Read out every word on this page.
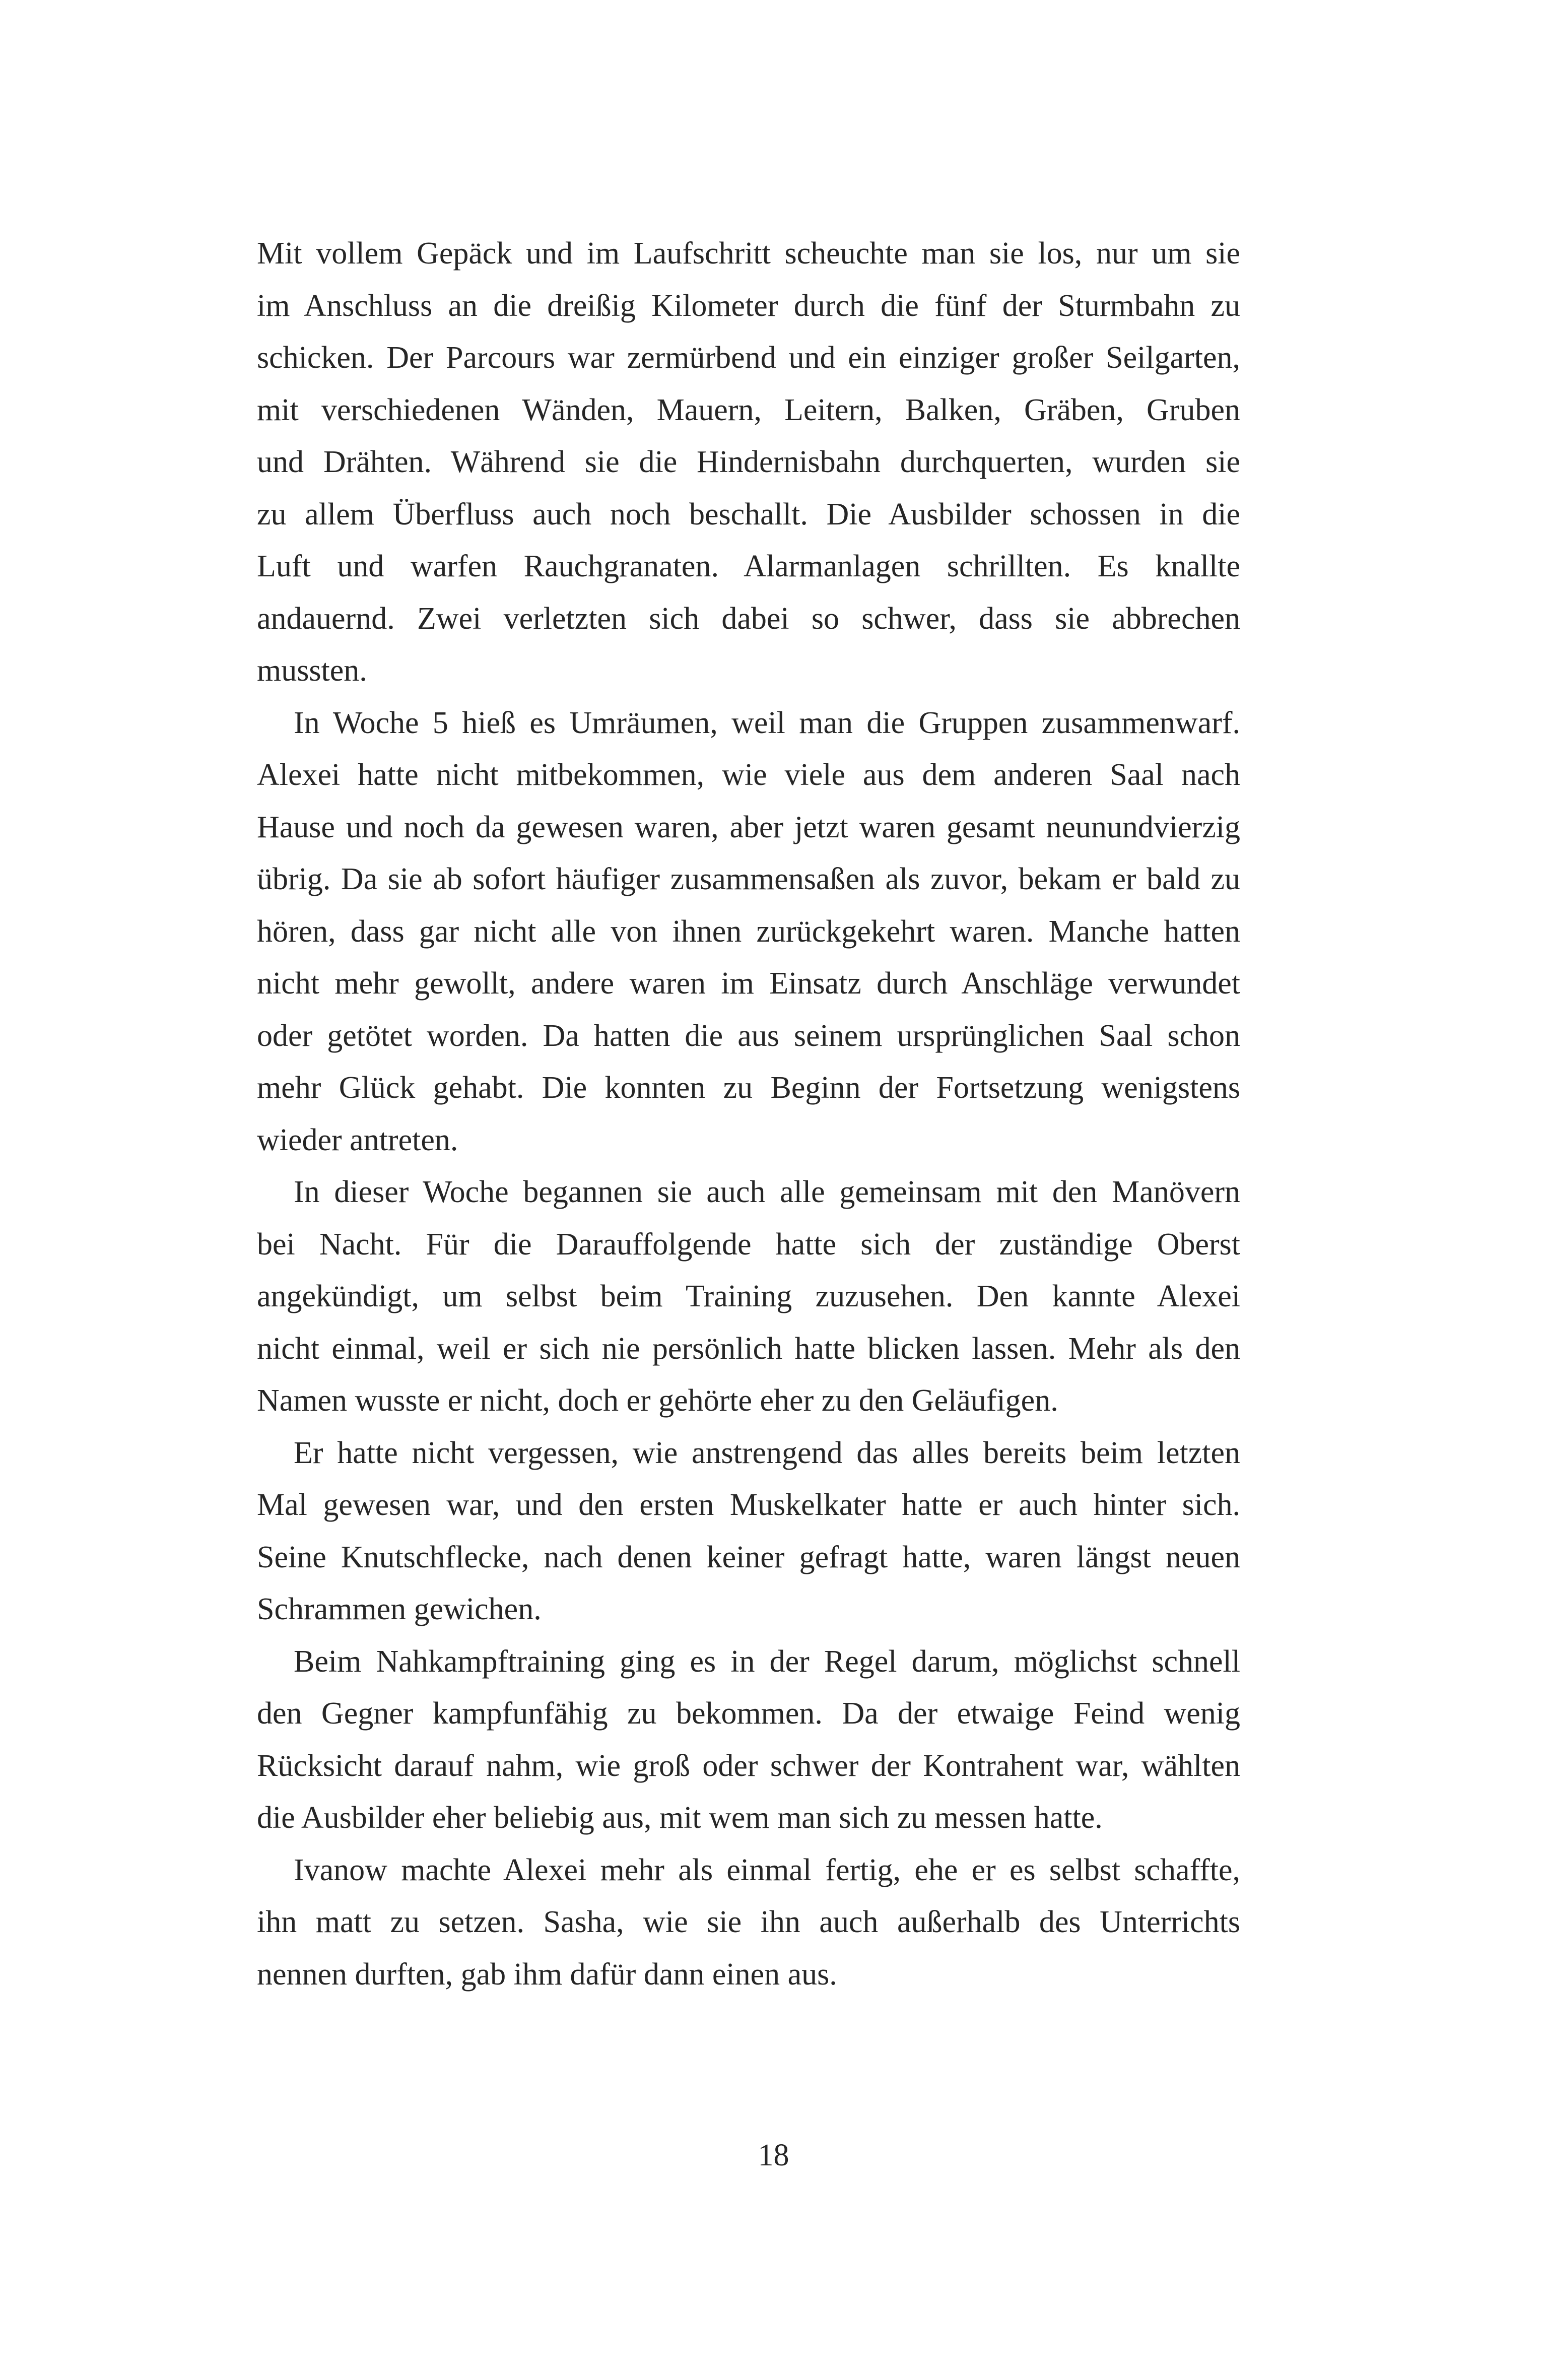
Mit vollem Gepäck und im Laufschritt scheuchte man sie los, nur um sie
im Anschluss an die dreißig Kilometer durch die fünf der Sturmbahn zu
schicken. Der Parcours war zermürbend und ein einziger großer Seilgarten,
mit verschiedenen Wänden, Mauern, Leitern, Balken, Gräben, Gruben
und Drähten. Während sie die Hindernisbahn durchquerten, wurden sie
zu allem Überfluss auch noch beschallt. Die Ausbilder schossen in die
Luft und warfen Rauchgranaten. Alarmanlagen schrillten. Es knallte
andauernd. Zwei verletzten sich dabei so schwer, dass sie abbrechen
mussten.
In Woche 5 hieß es Umräumen, weil man die Gruppen zusammenwarf.
Alexei hatte nicht mitbekommen, wie viele aus dem anderen Saal nach
Hause und noch da gewesen waren, aber jetzt waren gesamt neunundvierzig
übrig. Da sie ab sofort häufiger zusammensaßen als zuvor, bekam er bald zu
hören, dass gar nicht alle von ihnen zurückgekehrt waren. Manche hatten
nicht mehr gewollt, andere waren im Einsatz durch Anschläge verwundet
oder getötet worden. Da hatten die aus seinem ursprünglichen Saal schon
mehr Glück gehabt. Die konnten zu Beginn der Fortsetzung wenigstens
wieder antreten.
In dieser Woche begannen sie auch alle gemeinsam mit den Manövern
bei Nacht. Für die Darauffolgende hatte sich der zuständige Oberst
angekündigt, um selbst beim Training zuzusehen. Den kannte Alexei
nicht einmal, weil er sich nie persönlich hatte blicken lassen. Mehr als den
Namen wusste er nicht, doch er gehörte eher zu den Geläufigen.
Er hatte nicht vergessen, wie anstrengend das alles bereits beim letzten
Mal gewesen war, und den ersten Muskelkater hatte er auch hinter sich.
Seine Knutschflecke, nach denen keiner gefragt hatte, waren längst neuen
Schrammen gewichen.
Beim Nahkampftraining ging es in der Regel darum, möglichst schnell
den Gegner kampfunfähig zu bekommen. Da der etwaige Feind wenig
Rücksicht darauf nahm, wie groß oder schwer der Kontrahent war, wählten
die Ausbilder eher beliebig aus, mit wem man sich zu messen hatte.
Ivanow machte Alexei mehr als einmal fertig, ehe er es selbst schaffte,
ihn matt zu setzen. Sasha, wie sie ihn auch außerhalb des Unterrichts
nennen durften, gab ihm dafür dann einen aus.
18
